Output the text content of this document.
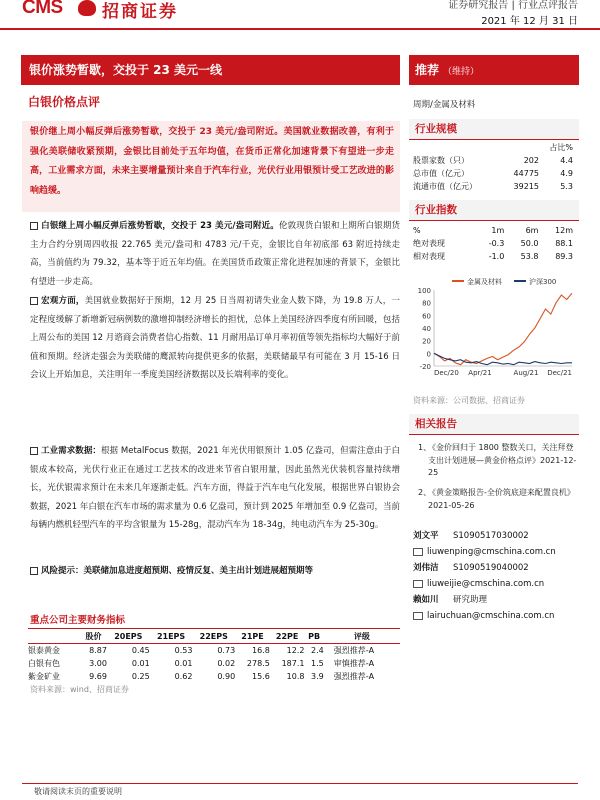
CMS 招商证券	证券研究报告 | 行业点评报告
2021 年 12 月 31 日
银价涨势暂歇，交投于 23 美元一线	推荐 （维持）
白银价格点评	周期/金属及材料
银价继上周小幅反弹后涨势暂歇，交投于 23 美元/盎司附近。美国就业数据改善，有利于强化美联储收紧预期，金银比目前处于五年均值，在货币正常化加速背景下有望进一步走高，工业需求方面，未来主要增量预计来自于汽车行业，光伏行业用银预计受工艺改进的影响趋缓。
白银继上周小幅反弹后涨势暂歇，交投于 23 美元/盎司附近。伦敦现货白银和上期所白银期货主力合约分别周四收报 22.765 美元/盎司和 4783 元/千克，金银比自年初底部 63 附近持续走高，当前值约为 79.32，基本等于近五年均值。在美国货币政策正常化进程加速的背景下，金银比有望进一步走高。
宏观方面，美国就业数据好于预期，12 月 25 日当周初请失业金人数下降，为 19.8 万人，一定程度缓解了新增新冠病例数的激增抑制经济增长的担忧，总体上美国经济四季度有所回暖，包括上周公布的美国 12 月谘商会消费者信心指数、11 月耐用品订单月率初值等领先指标均大幅好于前值和预期。经济走强会为美联储的鹰派转向提供更多的依据，美联储最早有可能在 3 月 15-16 日会议上开始加息，关注明年一季度美国经济数据以及长端利率的变化。
工业需求数据：根据 MetalFocus 数据，2021 年光伏用银预计 1.05 亿盎司，但需注意由于白银成本较高，光伏行业正在通过工艺技术的改进来节省白银用量，因此虽然光伏装机容量持续增长，光伏银需求预计在未来几年逐渐走低。汽车方面，得益于汽车电气化发展，根据世界白银协会数据，2021 年白银在汽车市场的需求量为 0.6 亿盎司，预计到 2025 年增加至 0.9 亿盎司，当前每辆内燃机轻型汽车的平均含银量为 15-28g，混动汽车为 18-34g，纯电动汽车为 25-30g。
风险提示：美联储加息进度超预期、疫情反复、美主出计划进展超预期等
行业规模
占比%
股票家数（只）	202	4.4
总市值（亿元）	44775	4.9
流通市值（亿元）	39215	5.3
行业指数
%	1m	6m	12m
绝对表现	-0.3	50.0	88.1
相对表现	-1.0	53.8	89.3
100
80
60
40
20
0
-20
Dec/20 Apr/21	Aug/21 Dec/21
金属及材料	沪深300
资料来源：公司数据、招商证券
相关报告
1、
《金价回归于 1800 整数关口，关注拜登支出计划进展—黄金价格点评》2021-12-25
2、
《黄金策略报告-全价筑底迎来配置良机》2021-05-26
刘文平 S1090517030002
liuwenping@cmschina.com.cn
刘伟洁 S1090519040002
liuweijie@cmschina.com.cn
赖如川 研究助理
lairuchuan@cmschina.com.cn
重点公司主要财务指标
	股价	20EPS	21EPS	22EPS	21PE	22PE	PB	评级
银泰黄金	8.87	0.45	0.53	0.73	16.8	12.2	2.4	强烈推荐-A
白银有色	3.00	0.01	0.01	0.02	278.5	187.1	1.5	审慎推荐-A
紫金矿业	9.69	0.25	0.62	0.90	15.6	10.8	3.9	强烈推荐-A
资料来源：wind、招商证券
敬请阅读末页的重要说明
